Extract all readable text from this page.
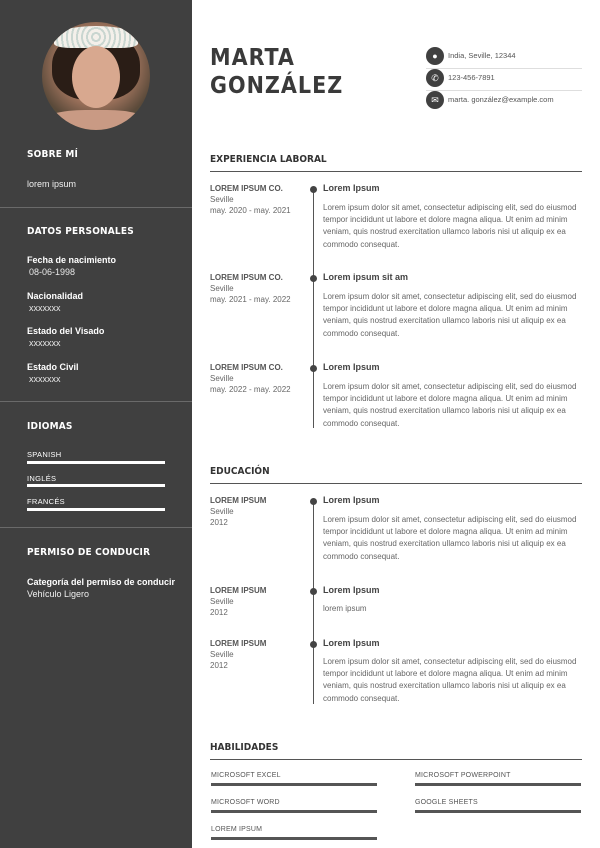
SOBRE MÍ
lorem ipsum
DATOS PERSONALES
Fecha de nacimiento
08-06-1998
Nacionalidad
xxxxxxx
Estado del Visado
xxxxxxx
Estado Civil
xxxxxxx
IDIOMAS
SPANISH
INGLÉS
FRANCÉS
PERMISO DE CONDUCIR
Categoría del permiso de conducir
Vehículo Ligero
MARTA
GONZÁLEZ
●	India, Seville, 12344
✆	123-456-7891
✉	marta. gonzález@example.com
EXPERIENCIA LABORAL
LOREM IPSUM CO.
Seville
may. 2020 - may. 2021
Lorem Ipsum
Lorem ipsum dolor sit amet, consectetur adipiscing elit, sed do eiusmod tempor incididunt ut labore et dolore magna aliqua. Ut enim ad minim veniam, quis nostrud exercitation ullamco laboris nisi ut aliquip ex ea commodo consequat.
LOREM IPSUM CO.
Seville
may. 2021 - may. 2022
Lorem ipsum sit am
Lorem ipsum dolor sit amet, consectetur adipiscing elit, sed do eiusmod tempor incididunt ut labore et dolore magna aliqua. Ut enim ad minim veniam, quis nostrud exercitation ullamco laboris nisi ut aliquip ex ea commodo consequat.
LOREM IPSUM CO.
Seville
may. 2022 - may. 2022
Lorem Ipsum
Lorem ipsum dolor sit amet, consectetur adipiscing elit, sed do eiusmod tempor incididunt ut labore et dolore magna aliqua. Ut enim ad minim veniam, quis nostrud exercitation ullamco laboris nisi ut aliquip ex ea commodo consequat.
EDUCACIÓN
LOREM IPSUM
Seville
2012
Lorem Ipsum
Lorem ipsum dolor sit amet, consectetur adipiscing elit, sed do eiusmod tempor incididunt ut labore et dolore magna aliqua. Ut enim ad minim veniam, quis nostrud exercitation ullamco laboris nisi ut aliquip ex ea commodo consequat.
LOREM IPSUM
Seville
2012
Lorem Ipsum
lorem ipsum
LOREM IPSUM
Seville
2012
Lorem Ipsum
Lorem ipsum dolor sit amet, consectetur adipiscing elit, sed do eiusmod tempor incididunt ut labore et dolore magna aliqua. Ut enim ad minim veniam, quis nostrud exercitation ullamco laboris nisi ut aliquip ex ea commodo consequat.
HABILIDADES
MICROSOFT EXCEL	MICROSOFT POWERPOINT
MICROSOFT WORD	GOOGLE SHEETS
LOREM IPSUM
